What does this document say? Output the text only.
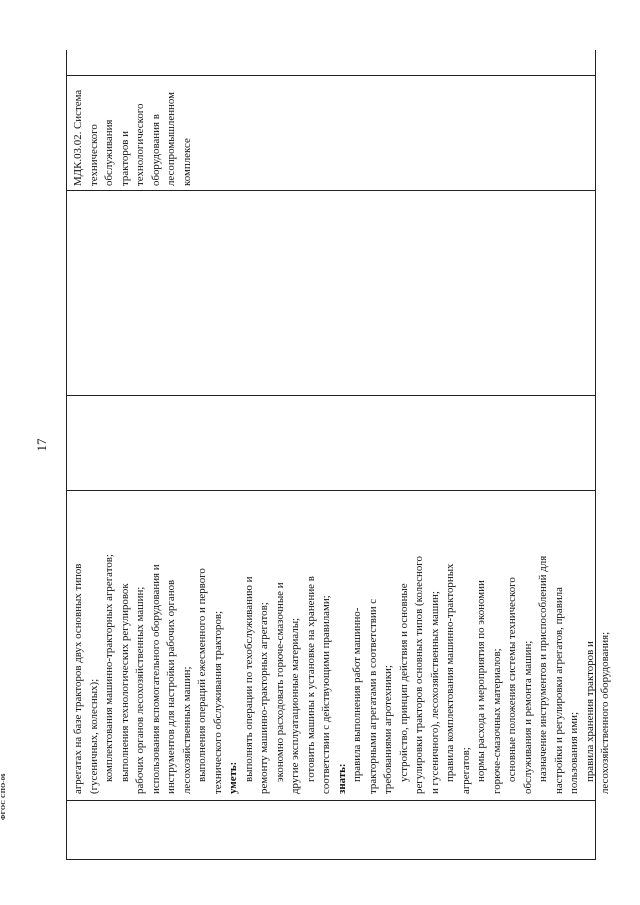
17
агрегатах на базе тракторов двух основных типов (гусеничных, колесных); комплектования машинно-тракторных агрегатов; выполнения технологических регулировок рабочих органов лесохозяйственных машин; использования вспомогательного оборудования и инструментов для настройки рабочих органов лесохозяйственных машин; выполнения операций ежесменного и первого технического обслуживания тракторов; уметь: выполнять операции по техобслуживанию и ремонту машинно-тракторных агрегатов; экономно расходовать горюче-смазочные и другие эксплуатационные материалы; готовить машины к установке на хранение в соответствии с действующими правилами; знать: правила выполнения работ машинно- тракторными агрегатами в соответствии с требованиями агротехники; устройство, принцип действия и основные регулировки тракторов основных типов (колесного и гусеничного), лесохозяйственных машин; правила комплектования машинно-тракторных агрегатов; нормы расхода и мероприятия по экономии горюче-смазочных материалов; основные положения системы технического обслуживания и ремонта машин; назначение инструментов и приспособлений для настройки и регулировки агрегатов, правила пользования ими; правила хранения тракторов и лесохозяйственного оборудования;
МДК.03.02. Система технического обслуживания тракторов и технологического оборудования в лесопромышленном комплексе
ФГОС СПО-06
